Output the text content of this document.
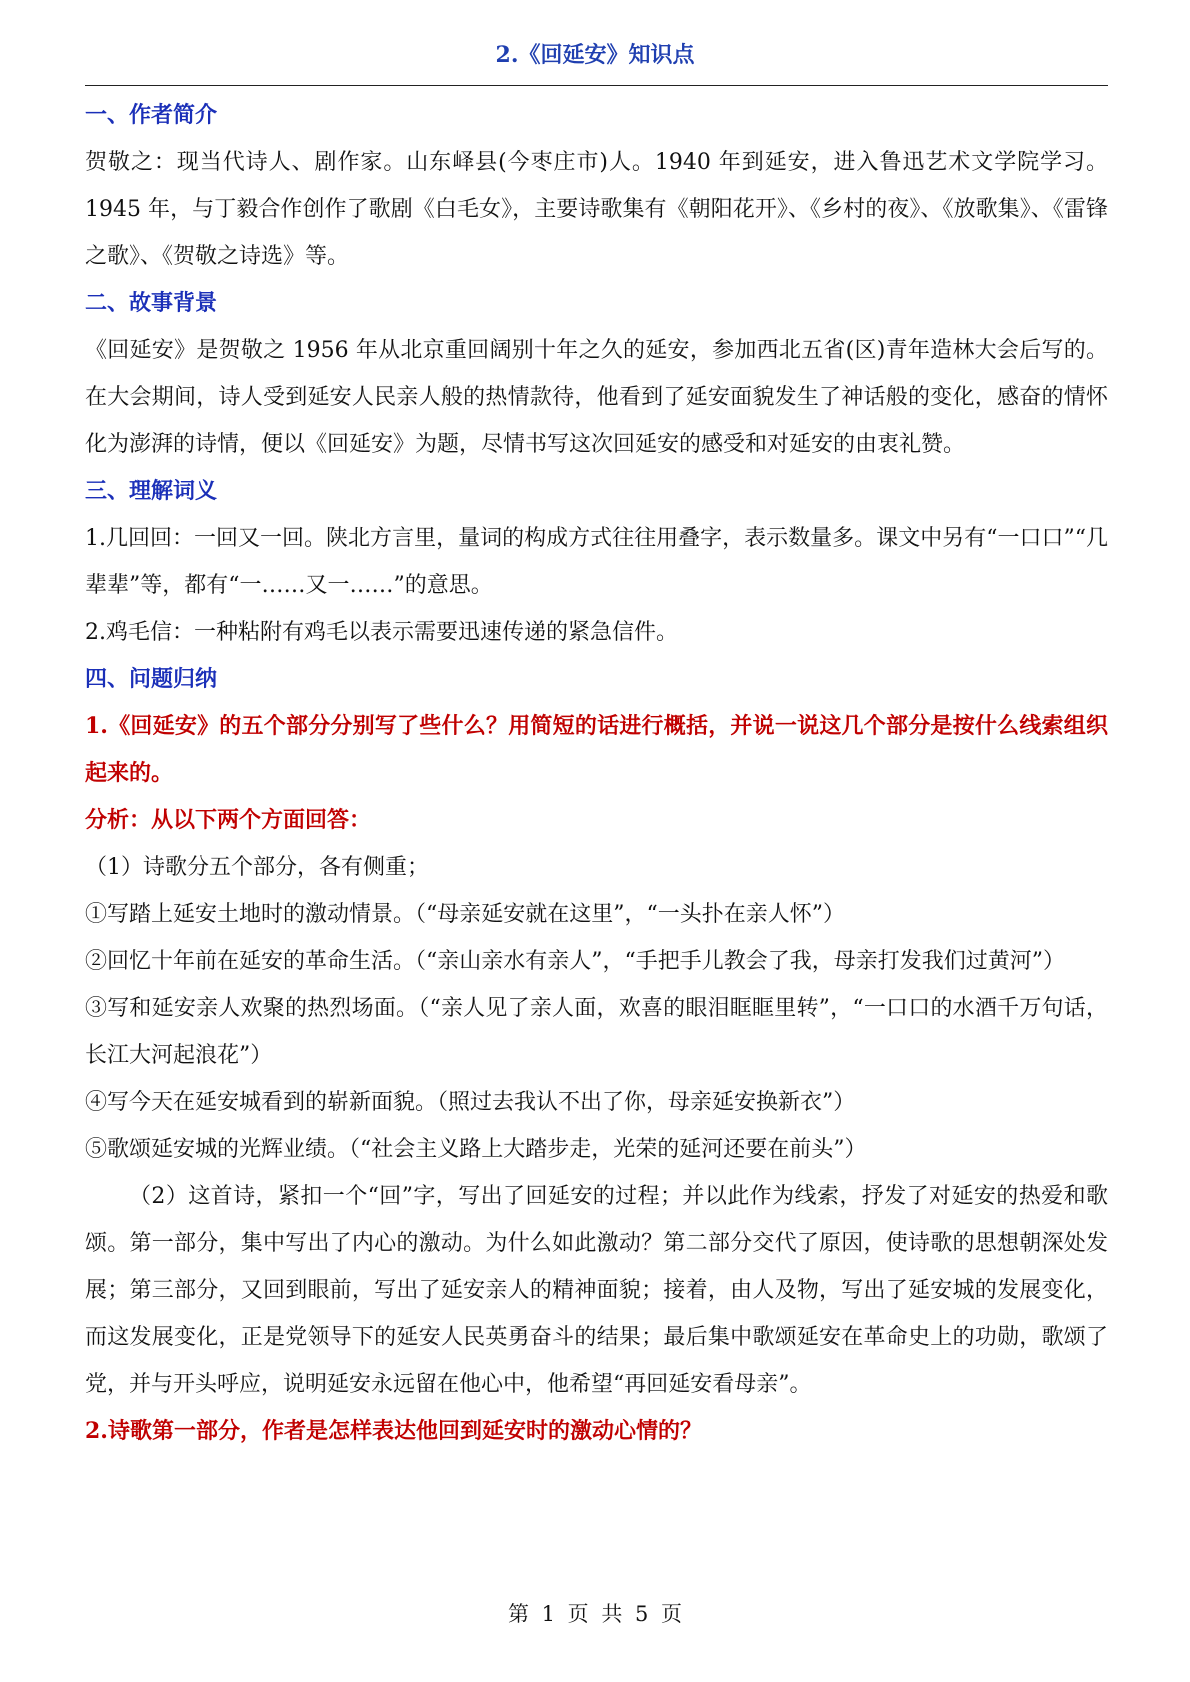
2.《回延安》知识点

一、作者简介

贺敬之：现当代诗人、剧作家。山东峄县(今枣庄市)人。1940 年到延安，进入鲁迅艺术文学院学习。1945 年，与丁毅合作创作了歌剧《白毛女》，主要诗歌集有《朝阳花开》、《乡村的夜》、《放歌集》、《雷锋之歌》、《贺敬之诗选》等。

二、故事背景

《回延安》是贺敬之 1956 年从北京重回阔别十年之久的延安，参加西北五省(区)青年造林大会后写的。在大会期间，诗人受到延安人民亲人般的热情款待，他看到了延安面貌发生了神话般的变化，感奋的情怀化为澎湃的诗情，便以《回延安》为题，尽情书写这次回延安的感受和对延安的由衷礼赞。

三、理解词义

1.几回回：一回又一回。陕北方言里，量词的构成方式往往用叠字，表示数量多。课文中另有“一口口”“几辈辈”等，都有“一……又一……”的意思。

2.鸡毛信：一种粘附有鸡毛以表示需要迅速传递的紧急信件。

四、问题归纳

1.《回延安》的五个部分分别写了些什么？用简短的话进行概括，并说一说这几个部分是按什么线索组织起来的。

分析：从以下两个方面回答：

（1）诗歌分五个部分，各有侧重；

①写踏上延安土地时的激动情景。（“母亲延安就在这里”，“一头扑在亲人怀”）

②回忆十年前在延安的革命生活。（“亲山亲水有亲人”，“手把手儿教会了我，母亲打发我们过黄河”）

③写和延安亲人欢聚的热烈场面。（“亲人见了亲人面，欢喜的眼泪眶眶里转”，“一口口的水酒千万句话，长江大河起浪花”）

④写今天在延安城看到的崭新面貌。（照过去我认不出了你，母亲延安换新衣”）

⑤歌颂延安城的光辉业绩。（“社会主义路上大踏步走，光荣的延河还要在前头”）

（2）这首诗，紧扣一个“回”字，写出了回延安的过程；并以此作为线索，抒发了对延安的热爱和歌颂。第一部分，集中写出了内心的激动。为什么如此激动？第二部分交代了原因，使诗歌的思想朝深处发展；第三部分，又回到眼前，写出了延安亲人的精神面貌；接着，由人及物，写出了延安城的发展变化，而这发展变化，正是党领导下的延安人民英勇奋斗的结果；最后集中歌颂延安在革命史上的功勋，歌颂了党，并与开头呼应，说明延安永远留在他心中，他希望“再回延安看母亲”。

2.诗歌第一部分，作者是怎样表达他回到延安时的激动心情的？

第 1 页 共 5 页
